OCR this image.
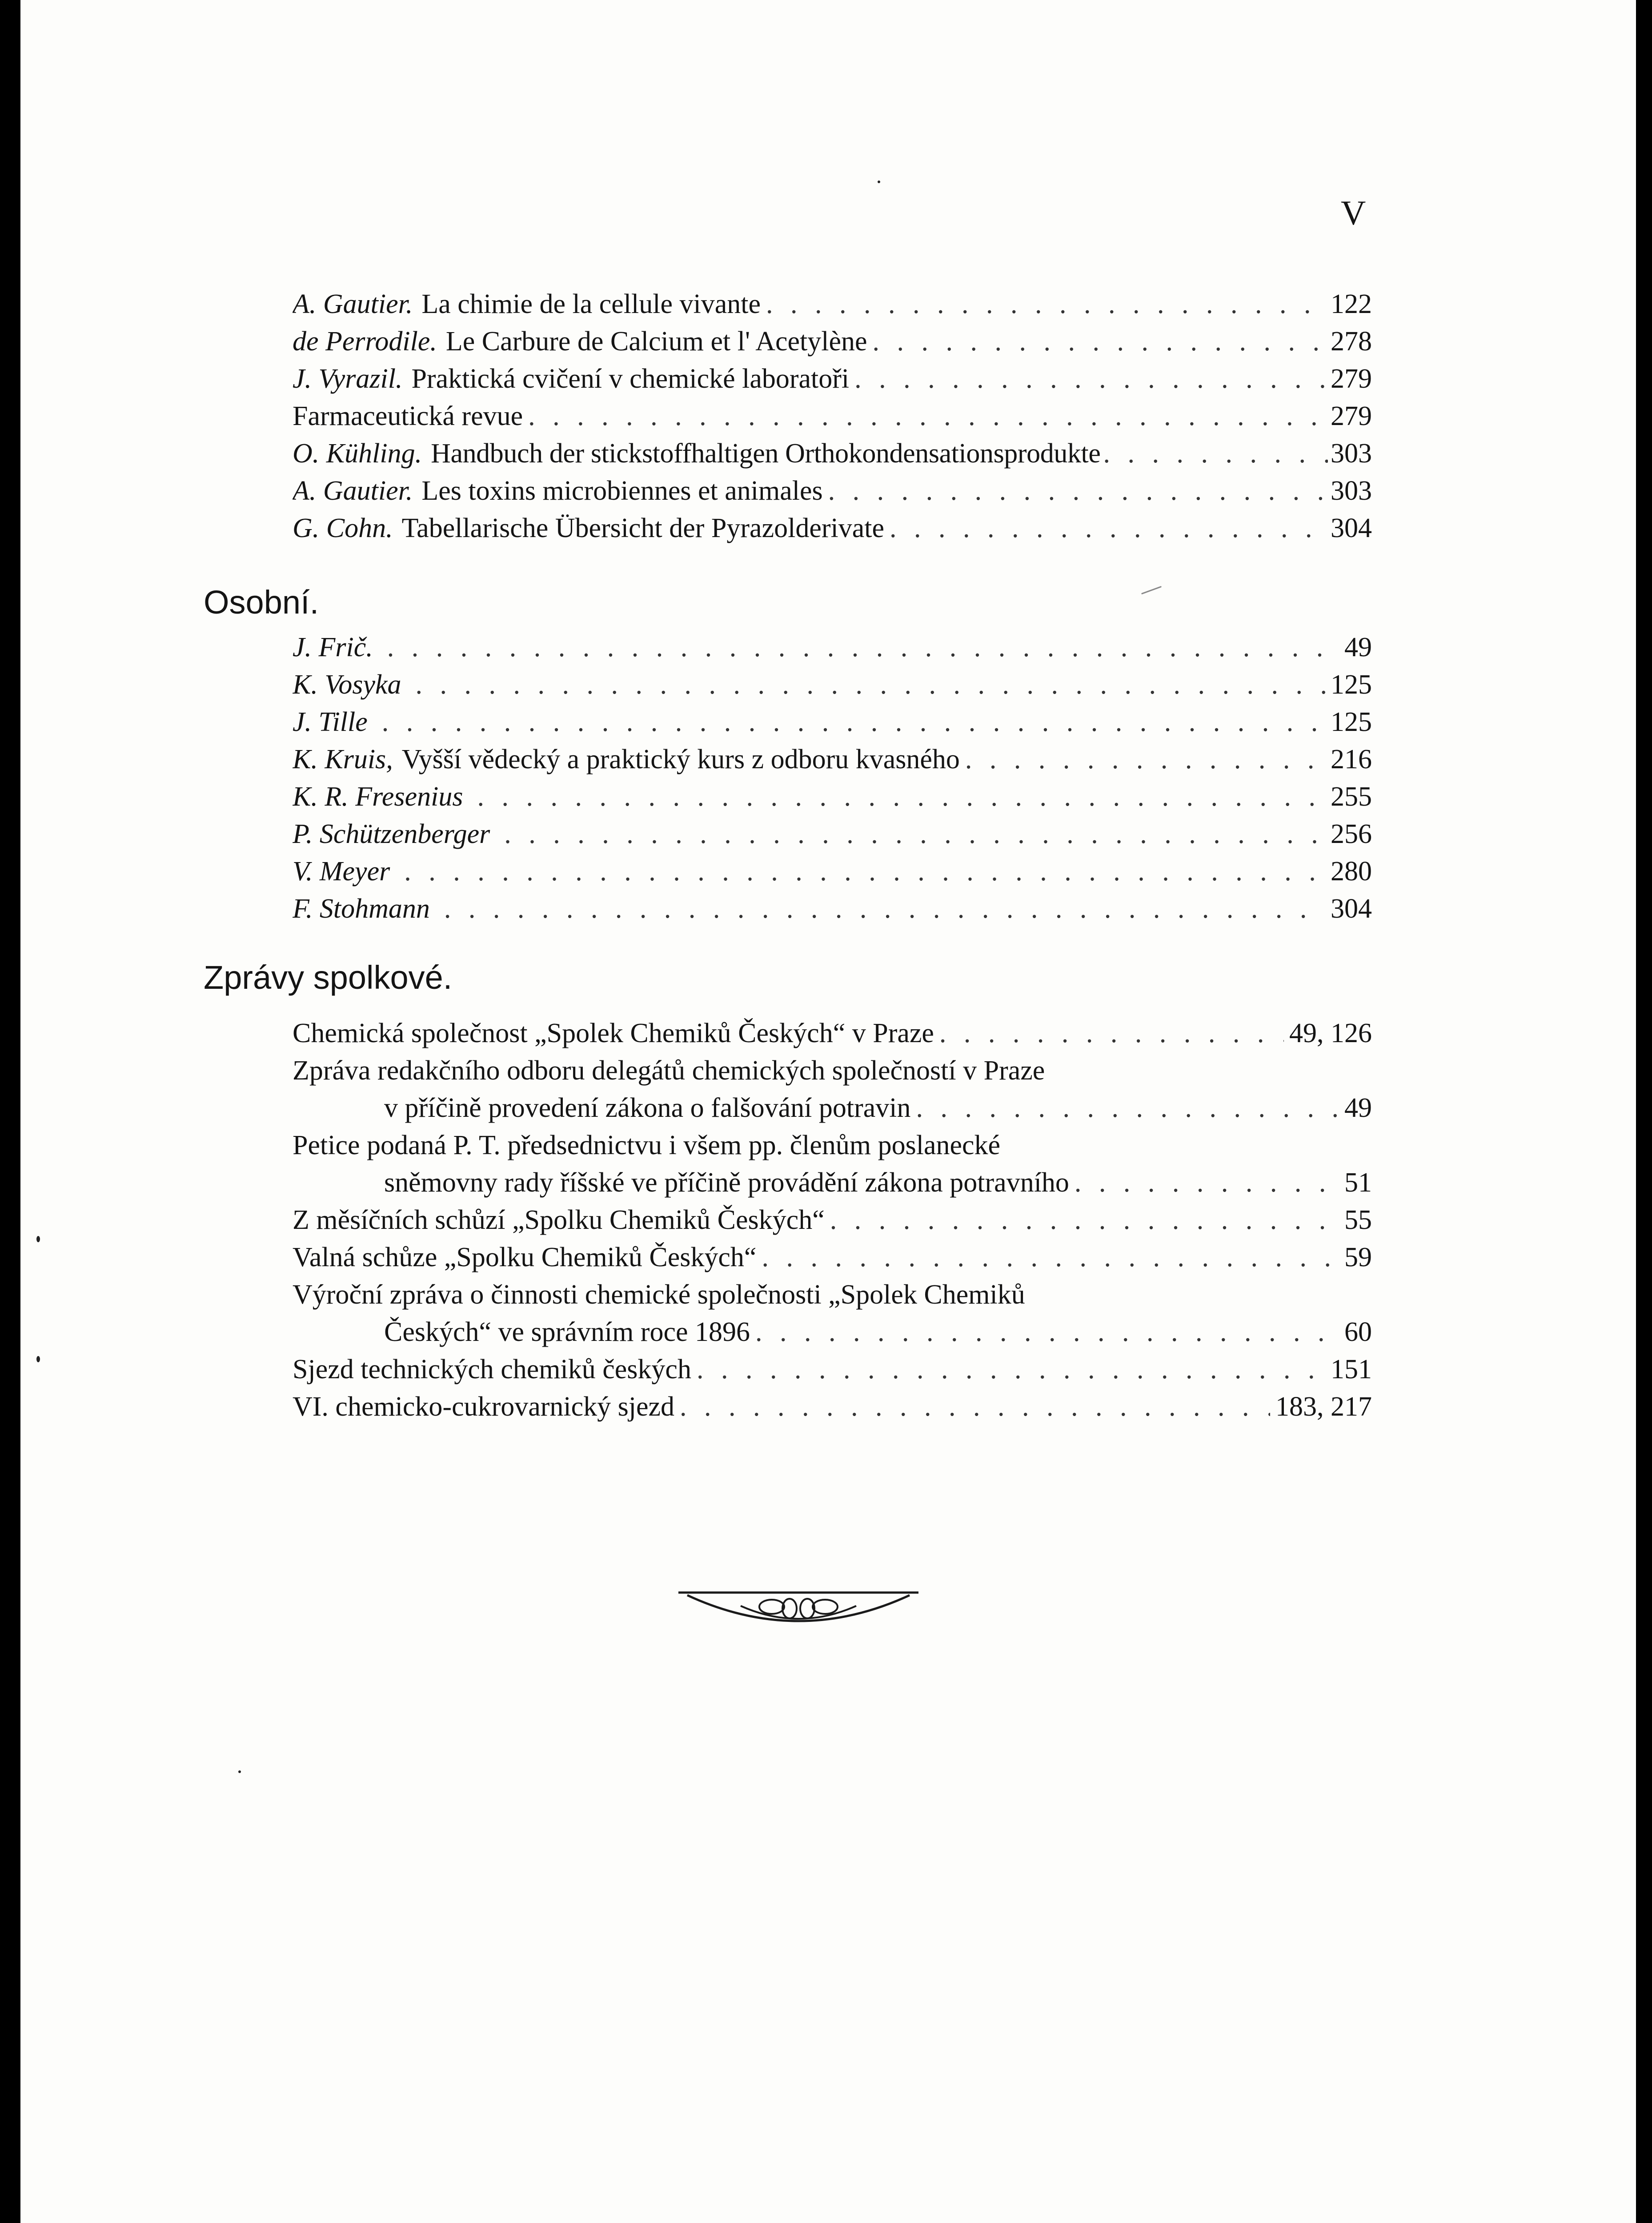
V
A. Gautier. La chimie de la cellule vivante . . .	122
de Perrodile. Le Carbure de Calcium et l' Acetylène . . .	278
J. Vyrazil. Praktická cvičení v chemické laboratoři . . .	279
Farmaceutická revue . . .	279
O. Kühling. Handbuch der stickstoffhaltigen Orthokondensationsprodukte . . .	303
A. Gautier. Les toxins microbiennes et animales . . .	303
G. Cohn. Tabellarische Übersicht der Pyrazolderivate . . .	304
Osobní.
J. Frič. . . .	49
K. Vosyka . . .	125
J. Tille . . .	125
K. Kruis, Vyšší vědecký a praktický kurs z odboru kvasného . . .	216
K. R. Fresenius . . .	255
P. Schützenberger . . .	256
V. Meyer . . .	280
F. Stohmann . . .	304
Zprávy spolkové.
Chemická společnost „Spolek Chemiků Českých“ v Praze . . .	49, 126
Zpráva redakčního odboru delegátů chemických společností v Praze
v příčině provedení zákona o falšování potravin . . .	49
Petice podaná P. T. předsednictvu i všem pp. členům poslanecké
sněmovny rady říšské ve příčině provádění zákona potravního . . .	51
Z měsíčních schůzí „Spolku Chemiků Českých“ . . .	55
Valná schůze „Spolku Chemiků Českých“ . . .	59
Výroční zpráva o činnosti chemické společnosti „Spolek Chemiků
Českých“ ve správním roce 1896 . . .	60
Sjezd technických chemiků českých . . .	151
VI. chemicko-cukrovarnický sjezd . . .	183, 217
